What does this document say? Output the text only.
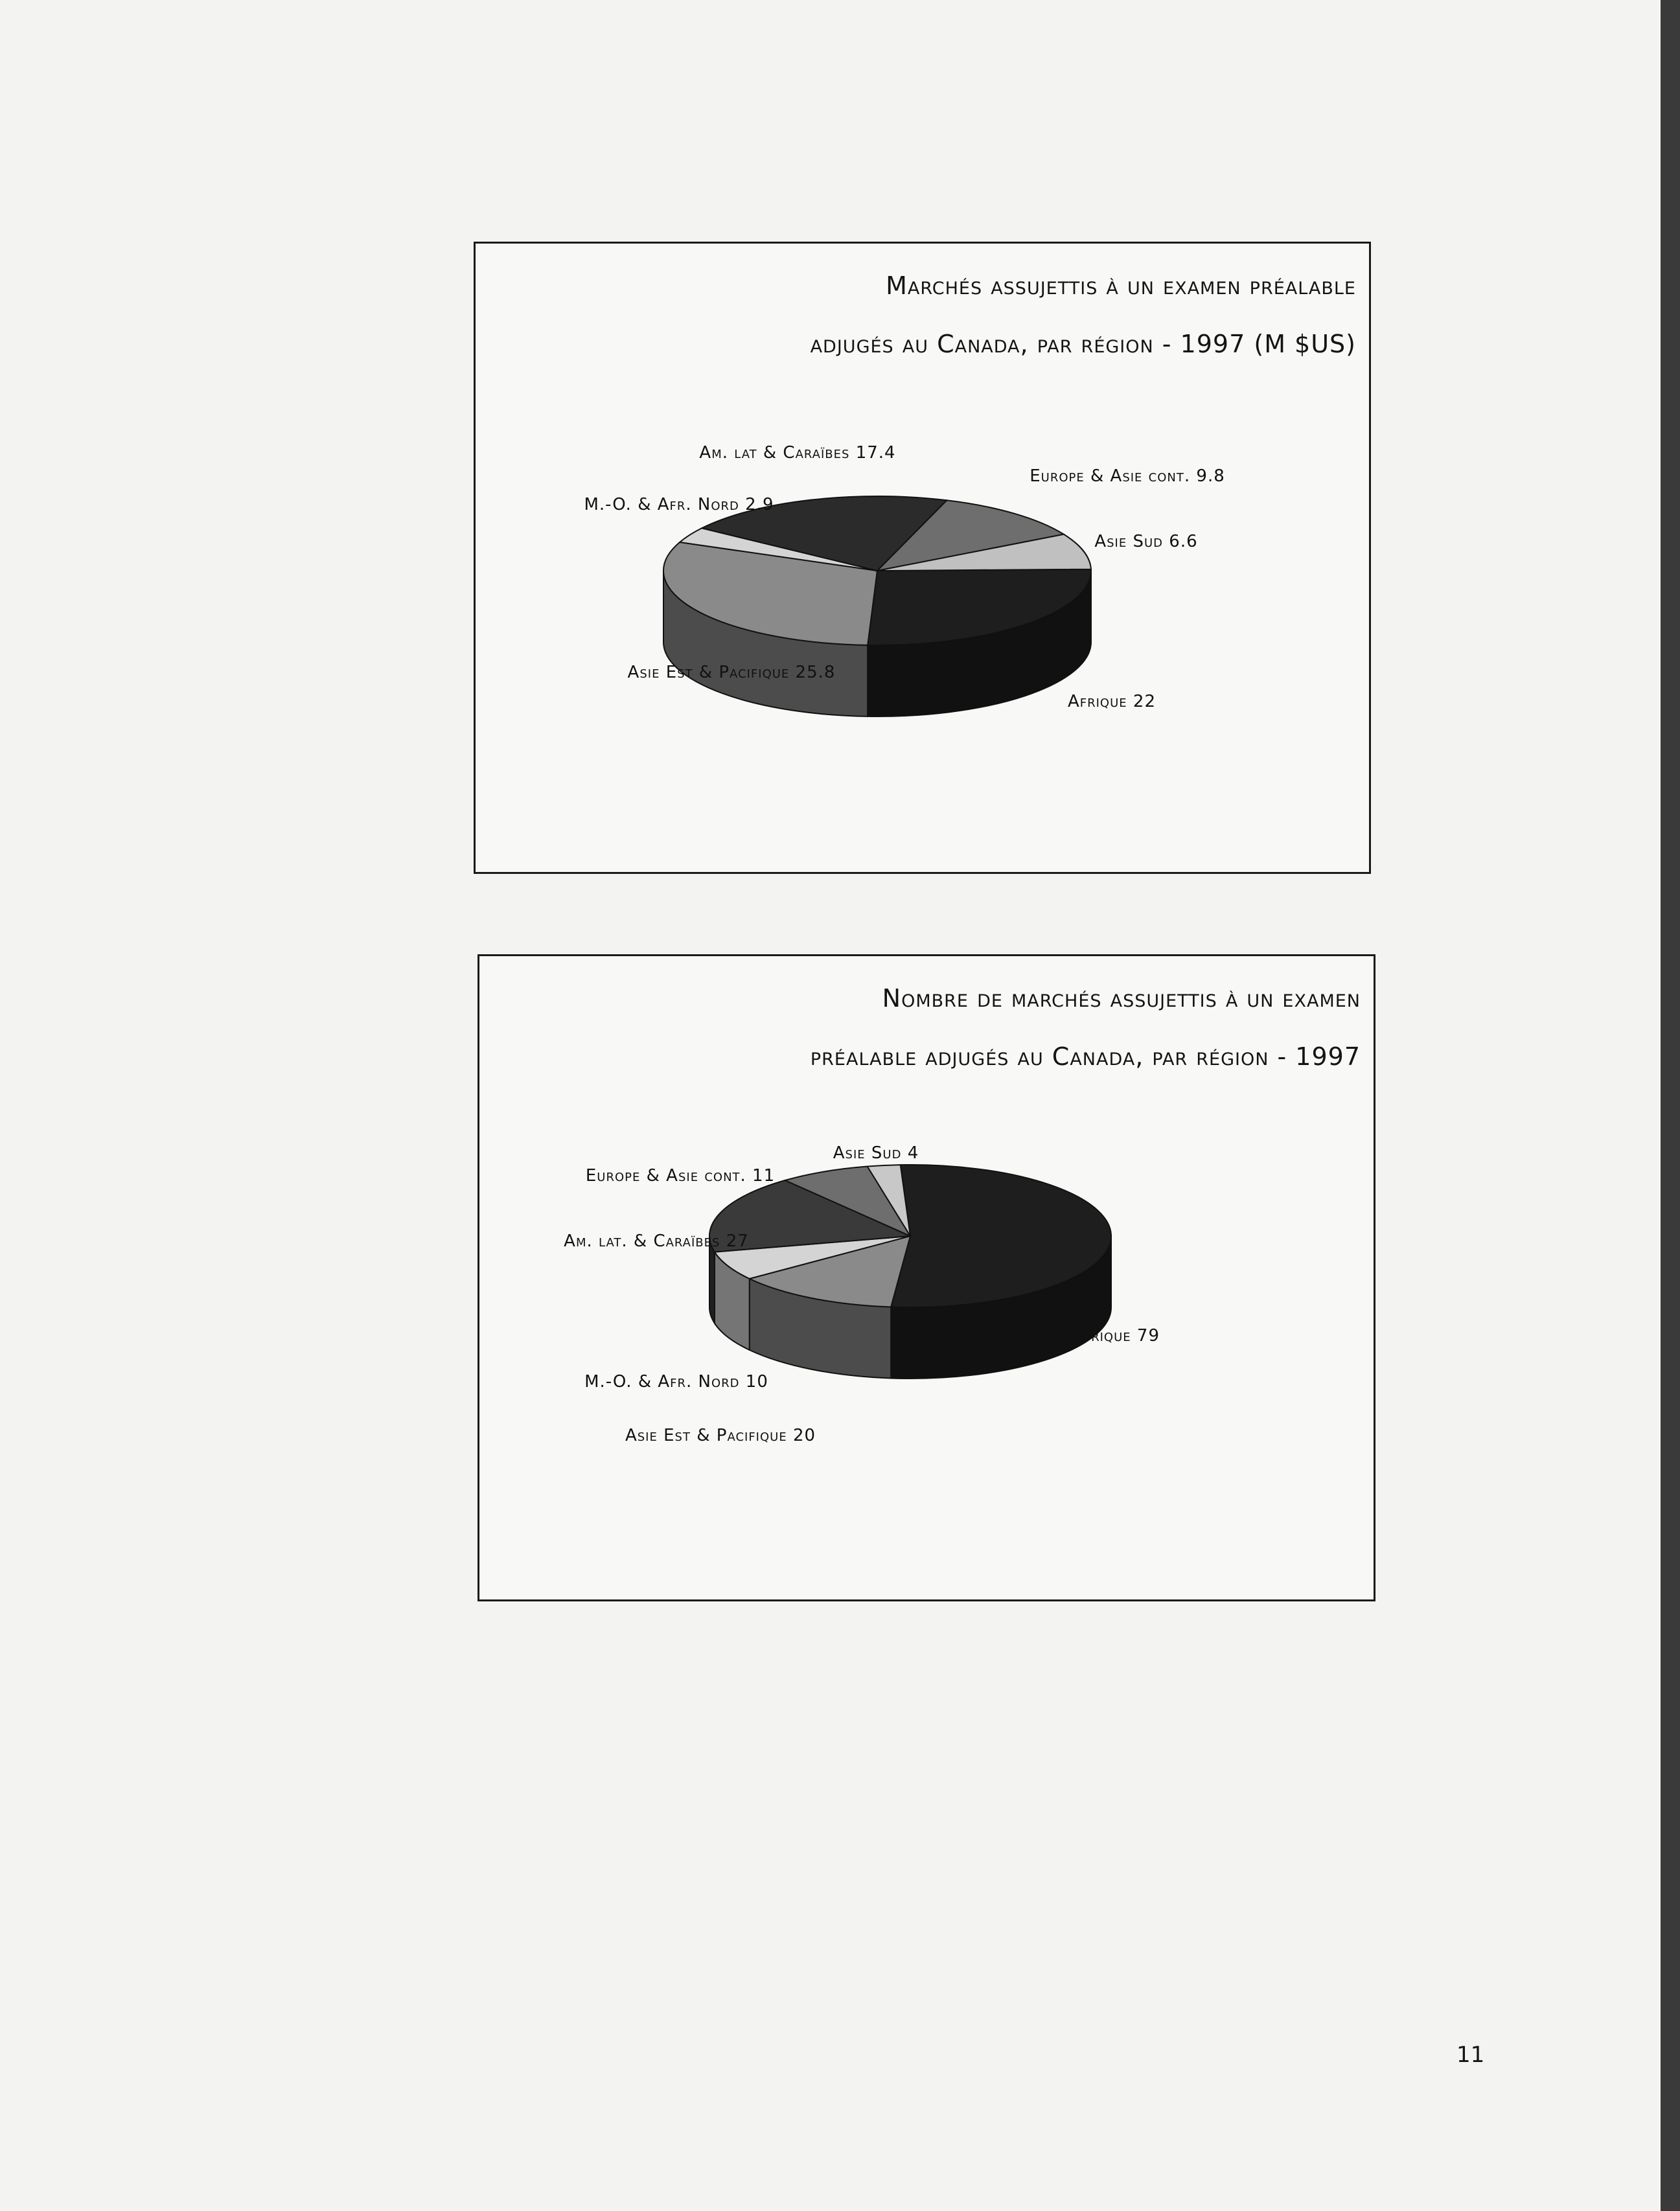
Afrique 22
Asie Est & Pacifique 25.8
M.-O. & Afr. Nord 2.9
Am. lat & Caraïbes 17.4
Europe & Asie cont. 9.8
Asie Sud 6.6
Marchés assujettis à un examen préalable
adjugés au Canada, par région - 1997 (M $US)
Afrique 79
Asie Est & Pacifique 20
M.-O. & Afr. Nord 10
Am. lat. & Caraïbes 27
Europe & Asie cont. 11
Asie Sud 4
Nombre de marchés assujettis à un examen
préalable adjugés au Canada, par région - 1997
11
